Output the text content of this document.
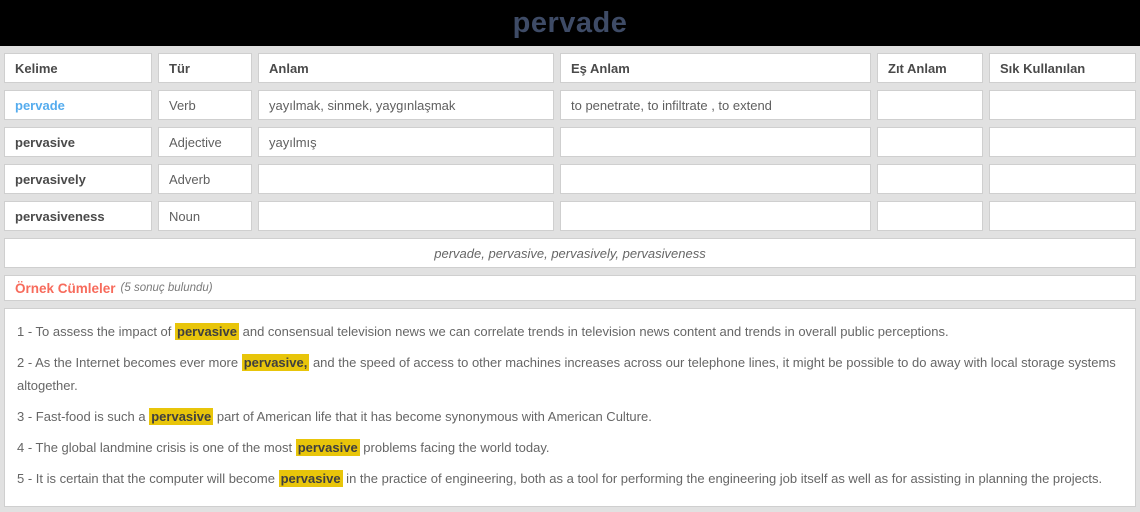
pervade
Kelime	Tür	Anlam	Eş Anlam	Zıt Anlam	Sık Kullanılan
pervade	Verb	yayılmak, sinmek, yaygınlaşmak	to penetrate, to infiltrate , to extend
pervasive	Adjective	yayılmış
pervasively	Adverb
pervasiveness	Noun
pervade, pervasive, pervasively, pervasiveness
Örnek Cümleler (5 sonuç bulundu)

1 - To assess the impact of pervasive and consensual television news we can correlate trends in television news content and trends in overall public perceptions.

2 - As the Internet becomes ever more pervasive, and the speed of access to other machines increases across our telephone lines, it might be possible to do away with local storage systems altogether.

3 - Fast-food is such a pervasive part of American life that it has become synonymous with American Culture.

4 - The global landmine crisis is one of the most pervasive problems facing the world today.

5 - It is certain that the computer will become pervasive in the practice of engineering, both as a tool for performing the engineering job itself as well as for assisting in planning the projects.
